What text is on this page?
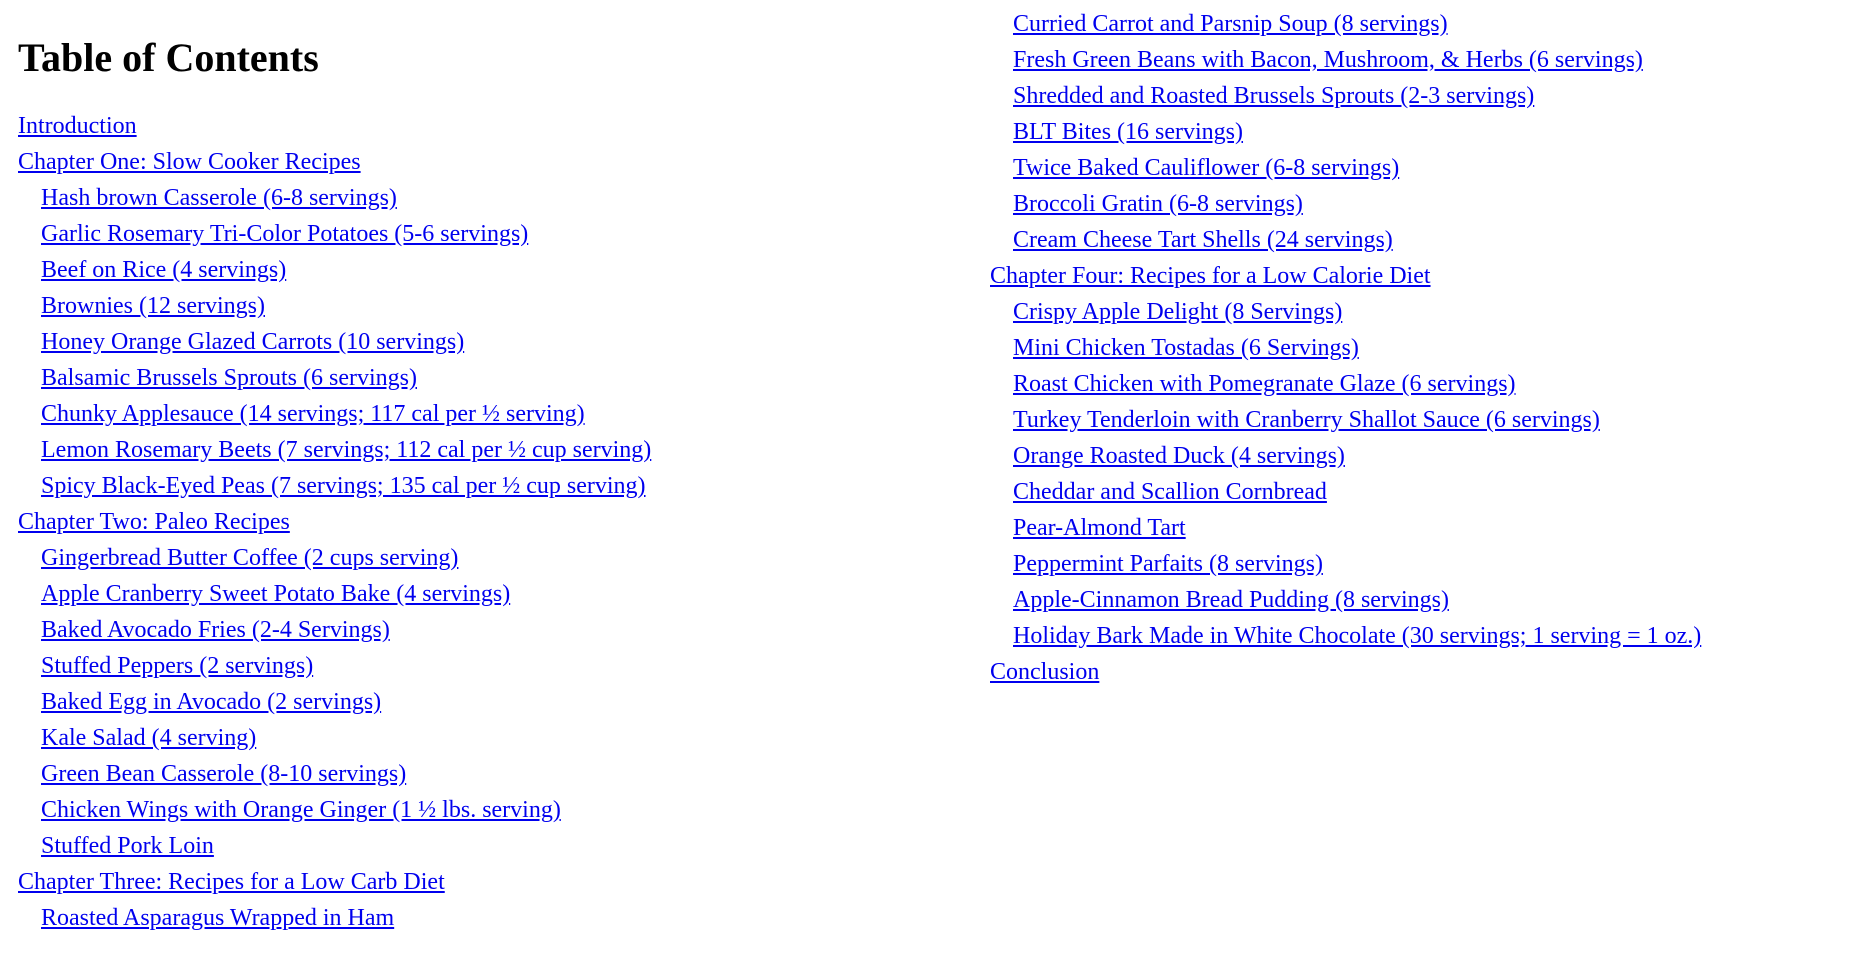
Table of Contents
Introduction
Chapter One: Slow Cooker Recipes
Hash brown Casserole (6-8 servings)
Garlic Rosemary Tri-Color Potatoes (5-6 servings)
Beef on Rice (4 servings)
Brownies (12 servings)
Honey Orange Glazed Carrots (10 servings)
Balsamic Brussels Sprouts (6 servings)
Chunky Applesauce (14 servings; 117 cal per ½ serving)
Lemon Rosemary Beets (7 servings; 112 cal per ½ cup serving)
Spicy Black-Eyed Peas (7 servings; 135 cal per ½ cup serving)
Chapter Two: Paleo Recipes
Gingerbread Butter Coffee (2 cups serving)
Apple Cranberry Sweet Potato Bake (4 servings)
Baked Avocado Fries (2-4 Servings)
Stuffed Peppers (2 servings)
Baked Egg in Avocado (2 servings)
Kale Salad (4 serving)
Green Bean Casserole (8-10 servings)
Chicken Wings with Orange Ginger (1 ½ lbs. serving)
Stuffed Pork Loin
Chapter Three: Recipes for a Low Carb Diet
Roasted Asparagus Wrapped in Ham
Curried Carrot and Parsnip Soup (8 servings)
Fresh Green Beans with Bacon, Mushroom, & Herbs (6 servings)
Shredded and Roasted Brussels Sprouts (2-3 servings)
BLT Bites (16 servings)
Twice Baked Cauliflower (6-8 servings)
Broccoli Gratin (6-8 servings)
Cream Cheese Tart Shells (24 servings)
Chapter Four: Recipes for a Low Calorie Diet
Crispy Apple Delight (8 Servings)
Mini Chicken Tostadas (6 Servings)
Roast Chicken with Pomegranate Glaze (6 servings)
Turkey Tenderloin with Cranberry Shallot Sauce (6 servings)
Orange Roasted Duck (4 servings)
Cheddar and Scallion Cornbread
Pear-Almond Tart
Peppermint Parfaits (8 servings)
Apple-Cinnamon Bread Pudding (8 servings)
Holiday Bark Made in White Chocolate (30 servings; 1 serving = 1 oz.)
Conclusion
